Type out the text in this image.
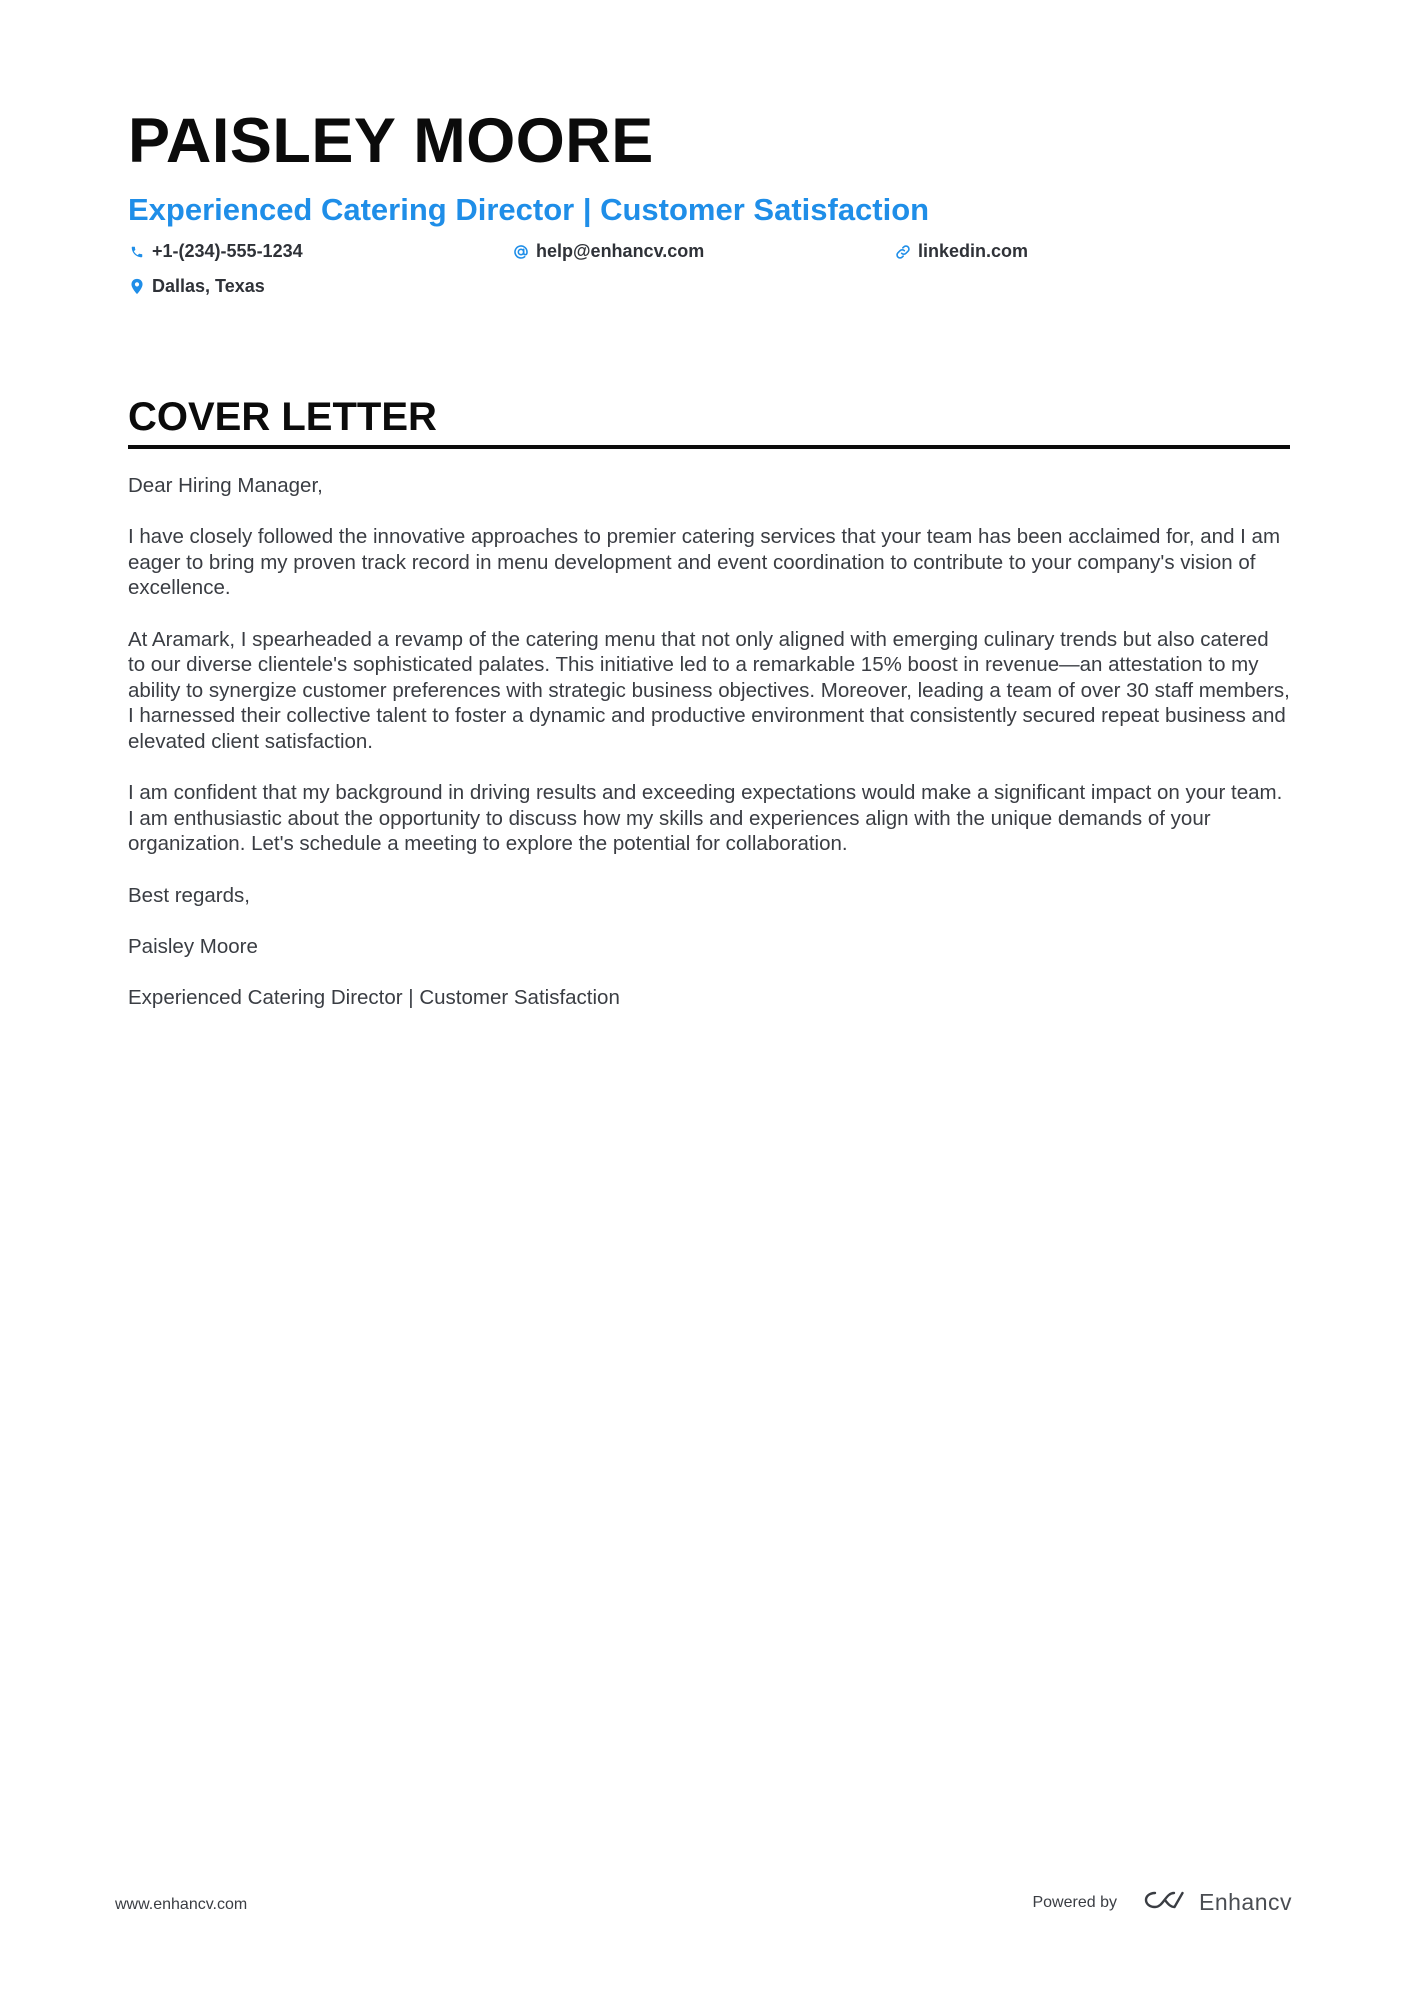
PAISLEY MOORE
Experienced Catering Director | Customer Satisfaction
+1-(234)-555-1234	help@enhancv.com	linkedin.com
Dallas, Texas
COVER LETTER

Dear Hiring Manager,

I have closely followed the innovative approaches to premier catering services that your team has been acclaimed for, and I am eager to bring my proven track record in menu development and event coordination to contribute to your company's vision of excellence.

At Aramark, I spearheaded a revamp of the catering menu that not only aligned with emerging culinary trends but also catered to our diverse clientele's sophisticated palates. This initiative led to a remarkable 15% boost in revenue—an attestation to my ability to synergize customer preferences with strategic business objectives. Moreover, leading a team of over 30 staff members, I harnessed their collective talent to foster a dynamic and productive environment that consistently secured repeat business and elevated client satisfaction.

I am confident that my background in driving results and exceeding expectations would make a significant impact on your team. I am enthusiastic about the opportunity to discuss how my skills and experiences align with the unique demands of your organization. Let's schedule a meeting to explore the potential for collaboration.

Best regards,

Paisley Moore

Experienced Catering Director | Customer Satisfaction

www.enhancv.com	Powered by	Enhancv
